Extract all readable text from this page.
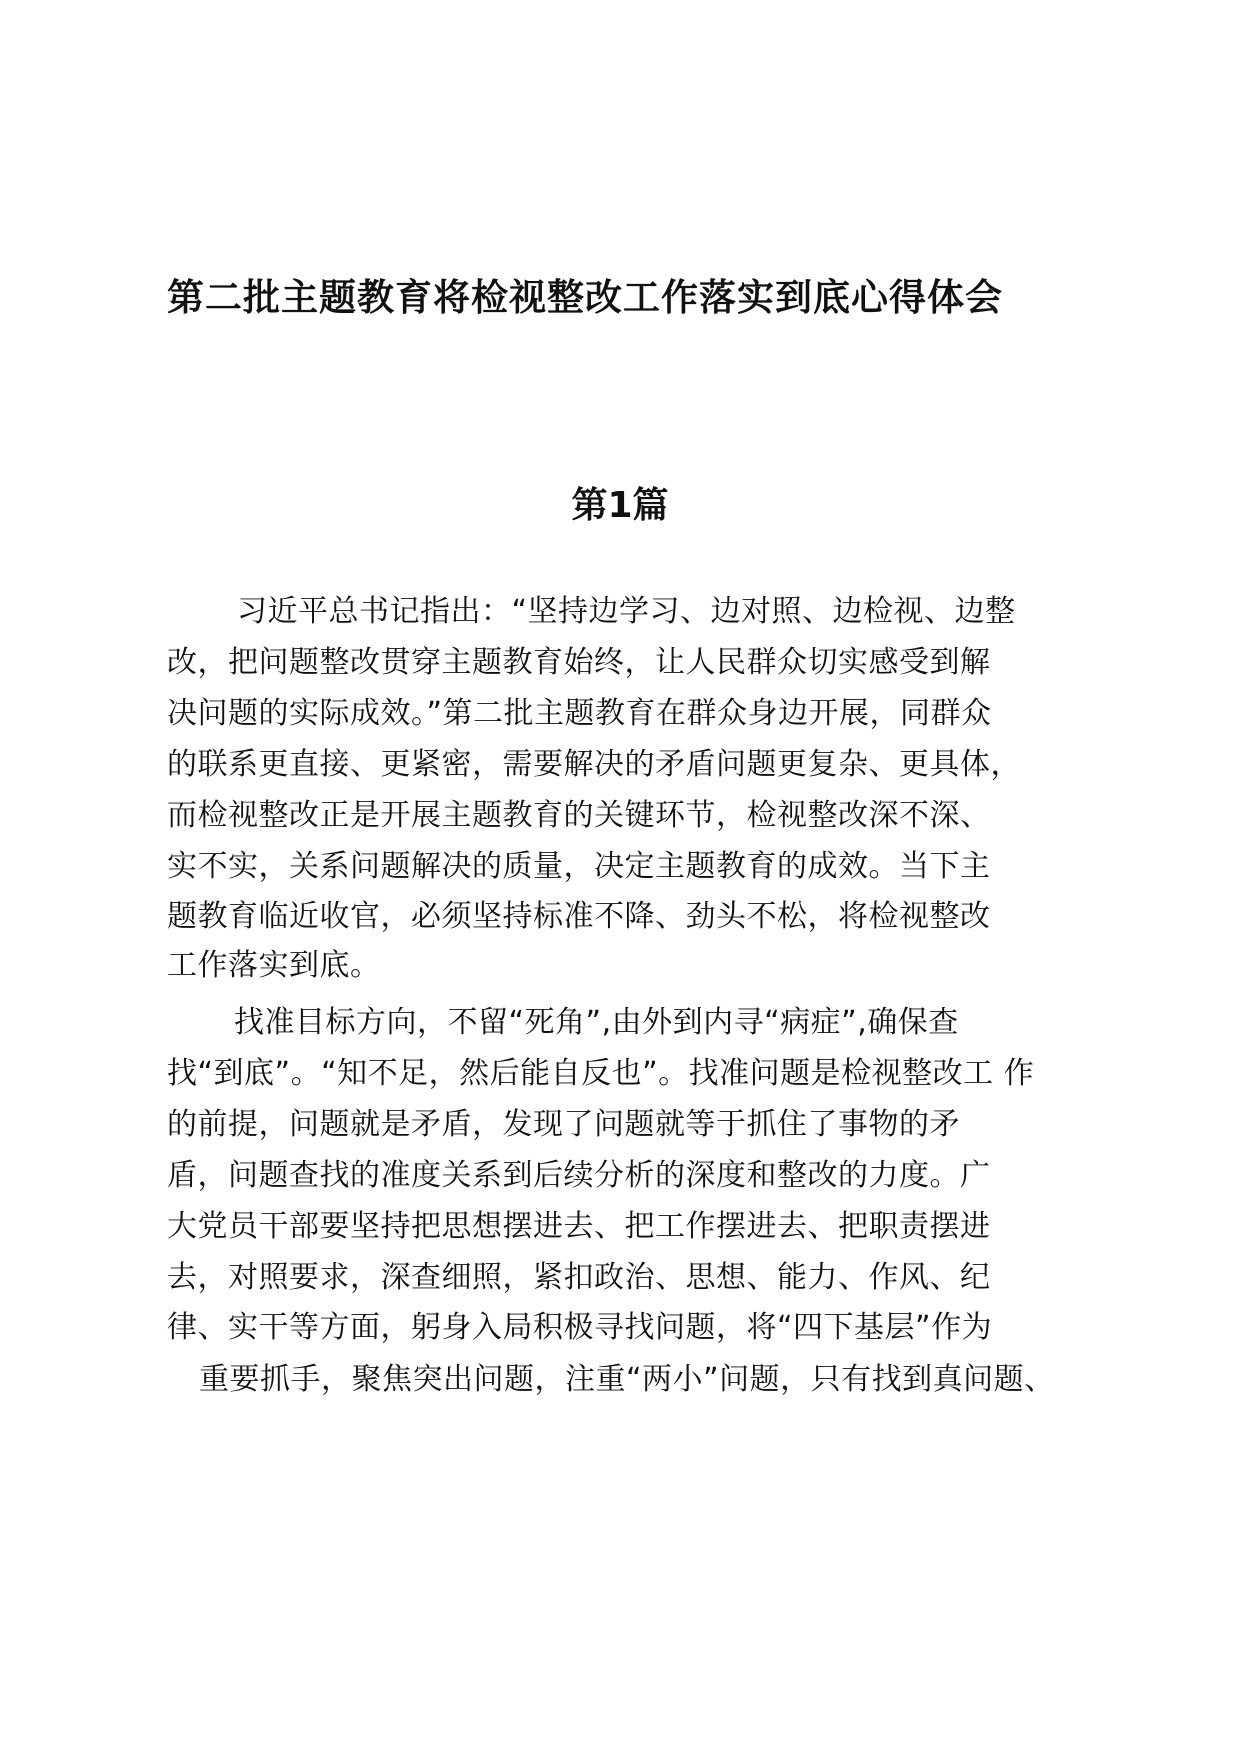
第二批主题教育将检视整改工作落实到底心得体会
第1篇
习近平总书记指出：“坚持边学习、边对照、边检视、边整
改，把问题整改贯穿主题教育始终，让人民群众切实感受到解
决问题的实际成效。”第二批主题教育在群众身边开展，同群众
的联系更直接、更紧密，需要解决的矛盾问题更复杂、更具体，
而检视整改正是开展主题教育的关键环节，检视整改深不深、
实不实，关系问题解决的质量，决定主题教育的成效。当下主
题教育临近收官，必须坚持标准不降、劲头不松，将检视整改
工作落实到底。
找准目标方向，不留“死角”,由外到内寻“病症”,确保查
找“到底”。“知不足，然后能自反也”。找准问题是检视整改工 作
的前提，问题就是矛盾，发现了问题就等于抓住了事物的矛
盾，问题查找的准度关系到后续分析的深度和整改的力度。广
大党员干部要坚持把思想摆进去、把工作摆进去、把职责摆进
去，对照要求，深查细照，紧扣政治、思想、能力、作风、纪
律、实干等方面，躬身入局积极寻找问题，将“四下基层”作为
重要抓手，聚焦突出问题，注重“两小”问题，只有找到真问题、
